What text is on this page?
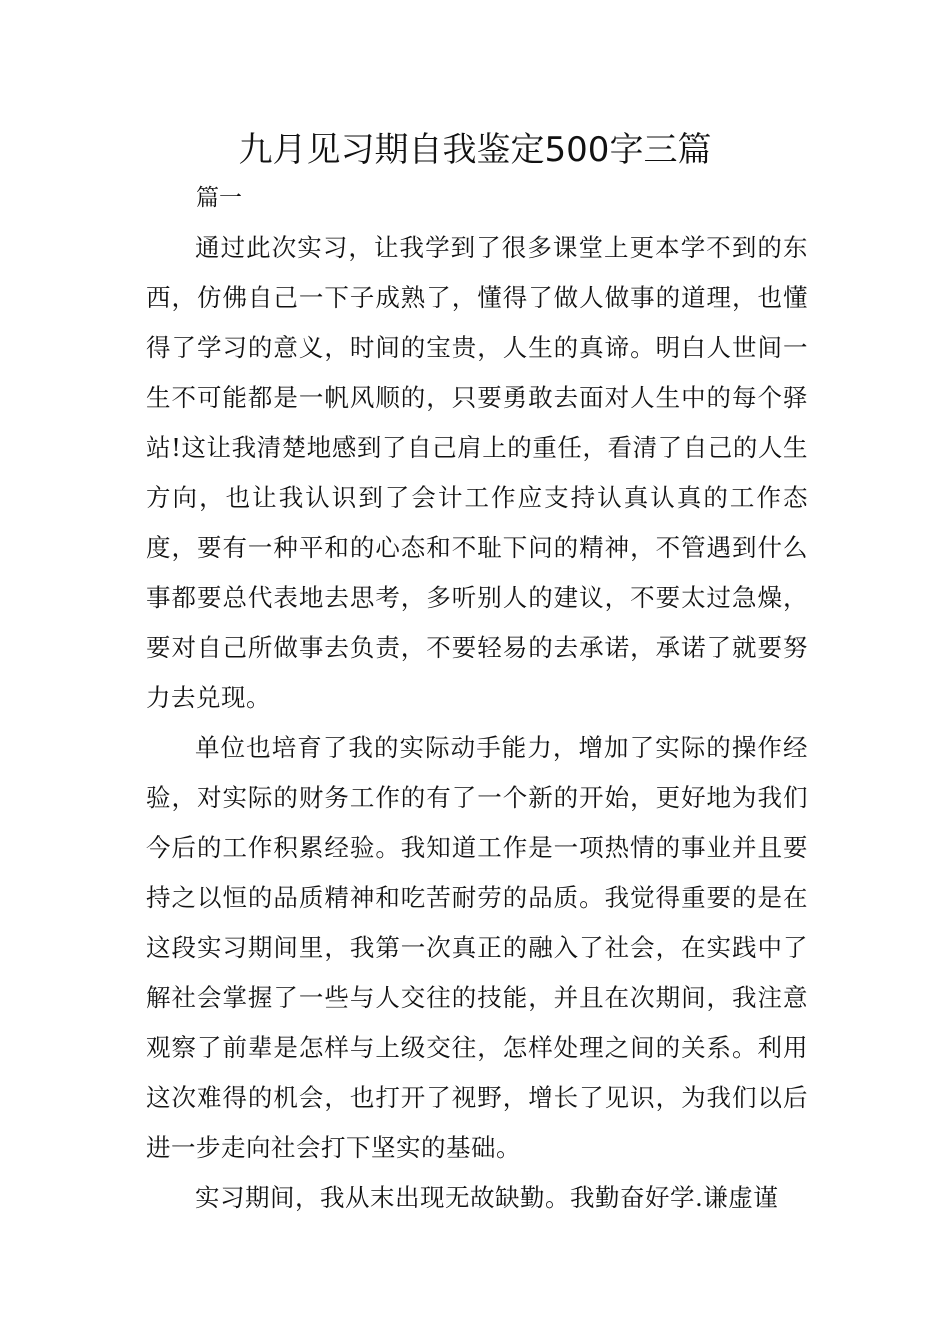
九月见习期自我鉴定500字三篇
篇一

通过此次实习，让我学到了很多课堂上更本学不到的东西，仿佛自己一下子成熟了，懂得了做人做事的道理，也懂得了学习的意义，时间的宝贵，人生的真谛。明白人世间一生不可能都是一帆风顺的，只要勇敢去面对人生中的每个驿站!这让我清楚地感到了自己肩上的重任，看清了自己的人生方向，也让我认识到了会计工作应支持认真认真的工作态度，要有一种平和的心态和不耻下问的精神，不管遇到什么事都要总代表地去思考，多听别人的建议，不要太过急燥，要对自己所做事去负责，不要轻易的去承诺，承诺了就要努力去兑现。

单位也培育了我的实际动手能力，增加了实际的操作经验，对实际的财务工作的有了一个新的开始，更好地为我们今后的工作积累经验。我知道工作是一项热情的事业并且要持之以恒的品质精神和吃苦耐劳的品质。我觉得重要的是在这段实习期间里，我第一次真正的融入了社会，在实践中了解社会掌握了一些与人交往的技能，并且在次期间，我注意观察了前辈是怎样与上级交往，怎样处理之间的关系。利用这次难得的机会，也打开了视野，增长了见识，为我们以后进一步走向社会打下坚实的基础。

实习期间，我从末出现无故缺勤。我勤奋好学.谦虚谨
